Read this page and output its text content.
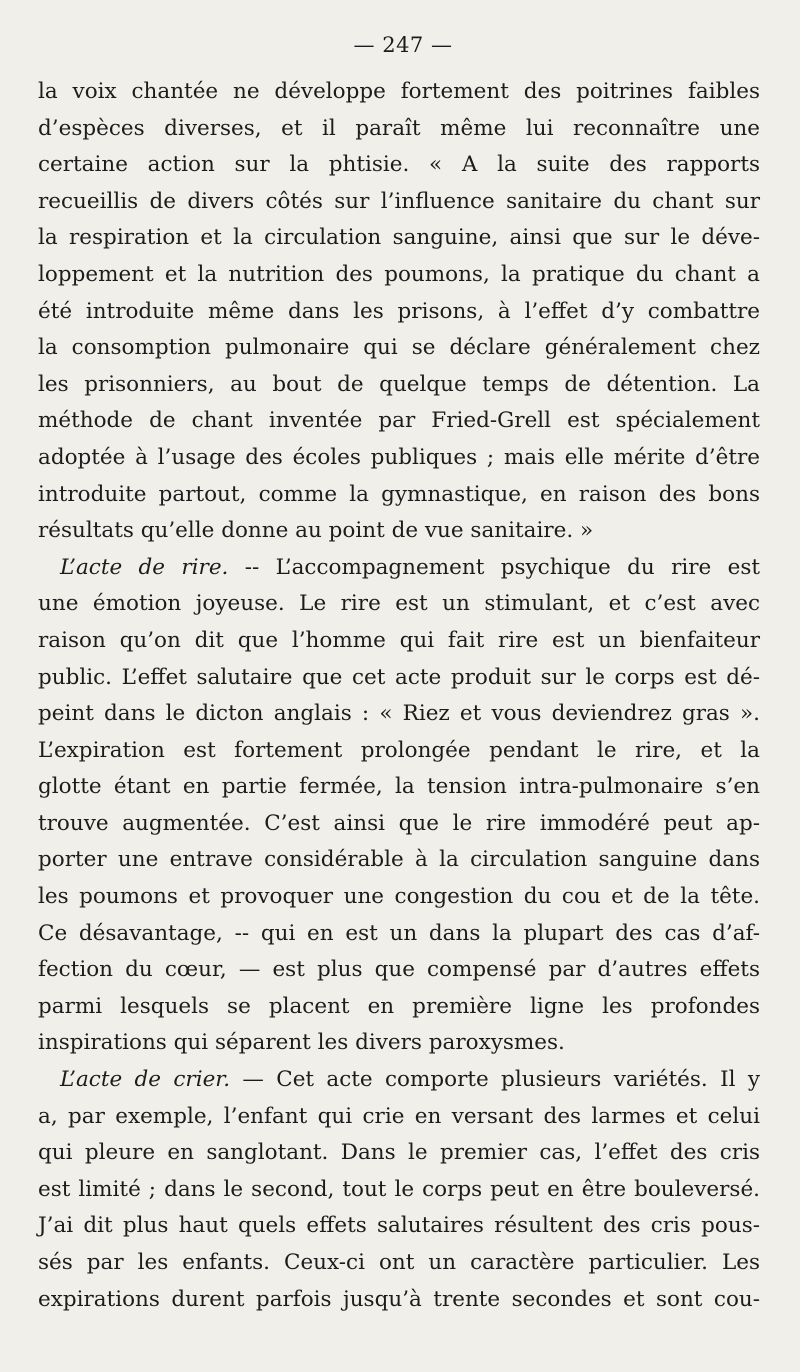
— 247 —
la voix chantée ne développe fortement des poitrines faibles
d’espèces diverses, et il paraît même lui reconnaître une
certaine action sur la phtisie. « A la suite des rapports
recueillis de divers côtés sur l’influence sanitaire du chant sur
la respiration et la circulation sanguine, ainsi que sur le déve-
loppement et la nutrition des poumons, la pratique du chant a
été introduite même dans les prisons, à l’effet d’y combattre
la consomption pulmonaire qui se déclare généralement chez
les prisonniers, au bout de quelque temps de détention. La
méthode de chant inventée par Fried-Grell est spécialement
adoptée à l’usage des écoles publiques ; mais elle mérite d’être
introduite partout, comme la gymnastique, en raison des bons
résultats qu’elle donne au point de vue sanitaire. »
L’acte de rire. -- L’accompagnement psychique du rire est
une émotion joyeuse. Le rire est un stimulant, et c’est avec
raison qu’on dit que l’homme qui fait rire est un bienfaiteur
public. L’effet salutaire que cet acte produit sur le corps est dé-
peint dans le dicton anglais : « Riez et vous deviendrez gras ».
L’expiration est fortement prolongée pendant le rire, et la
glotte étant en partie fermée, la tension intra-pulmonaire s’en
trouve augmentée. C’est ainsi que le rire immodéré peut ap-
porter une entrave considérable à la circulation sanguine dans
les poumons et provoquer une congestion du cou et de la tête.
Ce désavantage, -- qui en est un dans la plupart des cas d’af-
fection du cœur, — est plus que compensé par d’autres effets
parmi lesquels se placent en première ligne les profondes
inspirations qui séparent les divers paroxysmes.
L’acte de crier. — Cet acte comporte plusieurs variétés. Il y
a, par exemple, l’enfant qui crie en versant des larmes et celui
qui pleure en sanglotant. Dans le premier cas, l’effet des cris
est limité ; dans le second, tout le corps peut en être bouleversé.
J’ai dit plus haut quels effets salutaires résultent des cris pous-
sés par les enfants. Ceux-ci ont un caractère particulier. Les
expirations durent parfois jusqu’à trente secondes et sont cou-
